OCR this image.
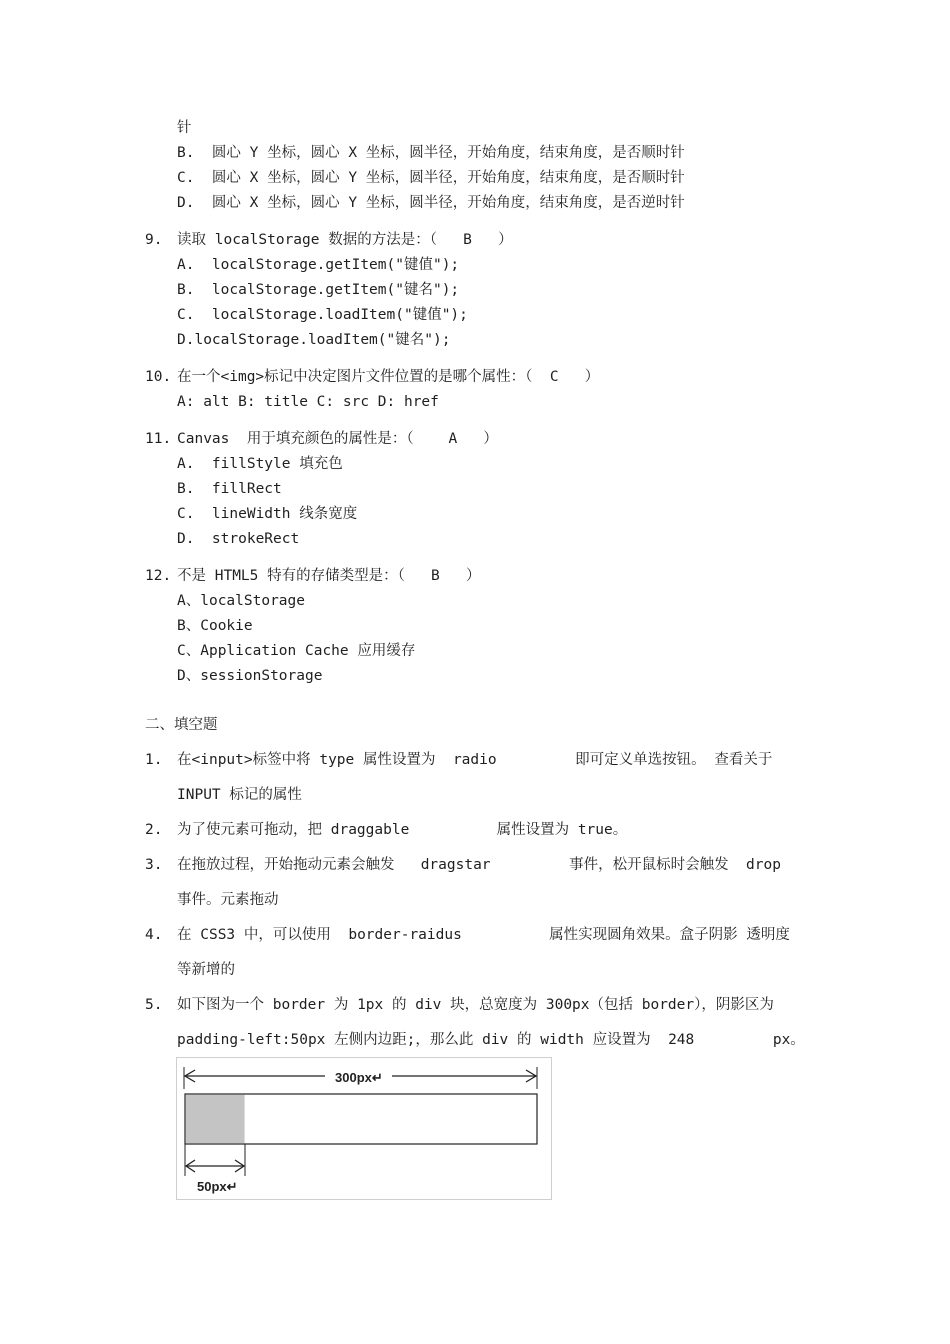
针
B.  圆心 Y 坐标，圆心 X 坐标，圆半径，开始角度，结束角度，是否顺时针
C.  圆心 X 坐标，圆心 Y 坐标，圆半径，开始角度，结束角度，是否顺时针
D.  圆心 X 坐标，圆心 Y 坐标，圆半径，开始角度，结束角度，是否逆时针
9. 读取 localStorage 数据的方法是：（   B   ）
A.  localStorage.getItem("键值");
B.  localStorage.getItem("键名");
C.  localStorage.loadItem("键值");
D.localStorage.loadItem("键名");
10. 在一个<img>标记中决定图片文件位置的是哪个属性：（  C   ）
A: alt B: title C: src D: href
11. Canvas  用于填充颜色的属性是：（    A   ）
A.  fillStyle 填充色
B.  fillRect
C.  lineWidth 线条宽度
D.  strokeRect
12. 不是 HTML5 特有的存储类型是：（   B   ）
A、localStorage
B、Cookie
C、Application Cache 应用缓存
D、sessionStorage
二、填空题
1. 在<input>标签中将 type 属性设置为  radio         即可定义单选按钮。 查看关于
INPUT 标记的属性
2. 为了使元素可拖动，把 draggable          属性设置为 true。
3. 在拖放过程，开始拖动元素会触发   dragstar         事件，松开鼠标时会触发  drop
事件。元素拖动
4. 在 CSS3 中，可以使用  border-raidus          属性实现圆角效果。盒子阴影 透明度
等新增的
5. 如下图为一个 border 为 1px 的 div 块，总宽度为 300px（包括 border），阴影区为
padding-left:50px 左侧内边距;，那么此 div 的 width 应设置为  248         px。
300px↵
50px↵
